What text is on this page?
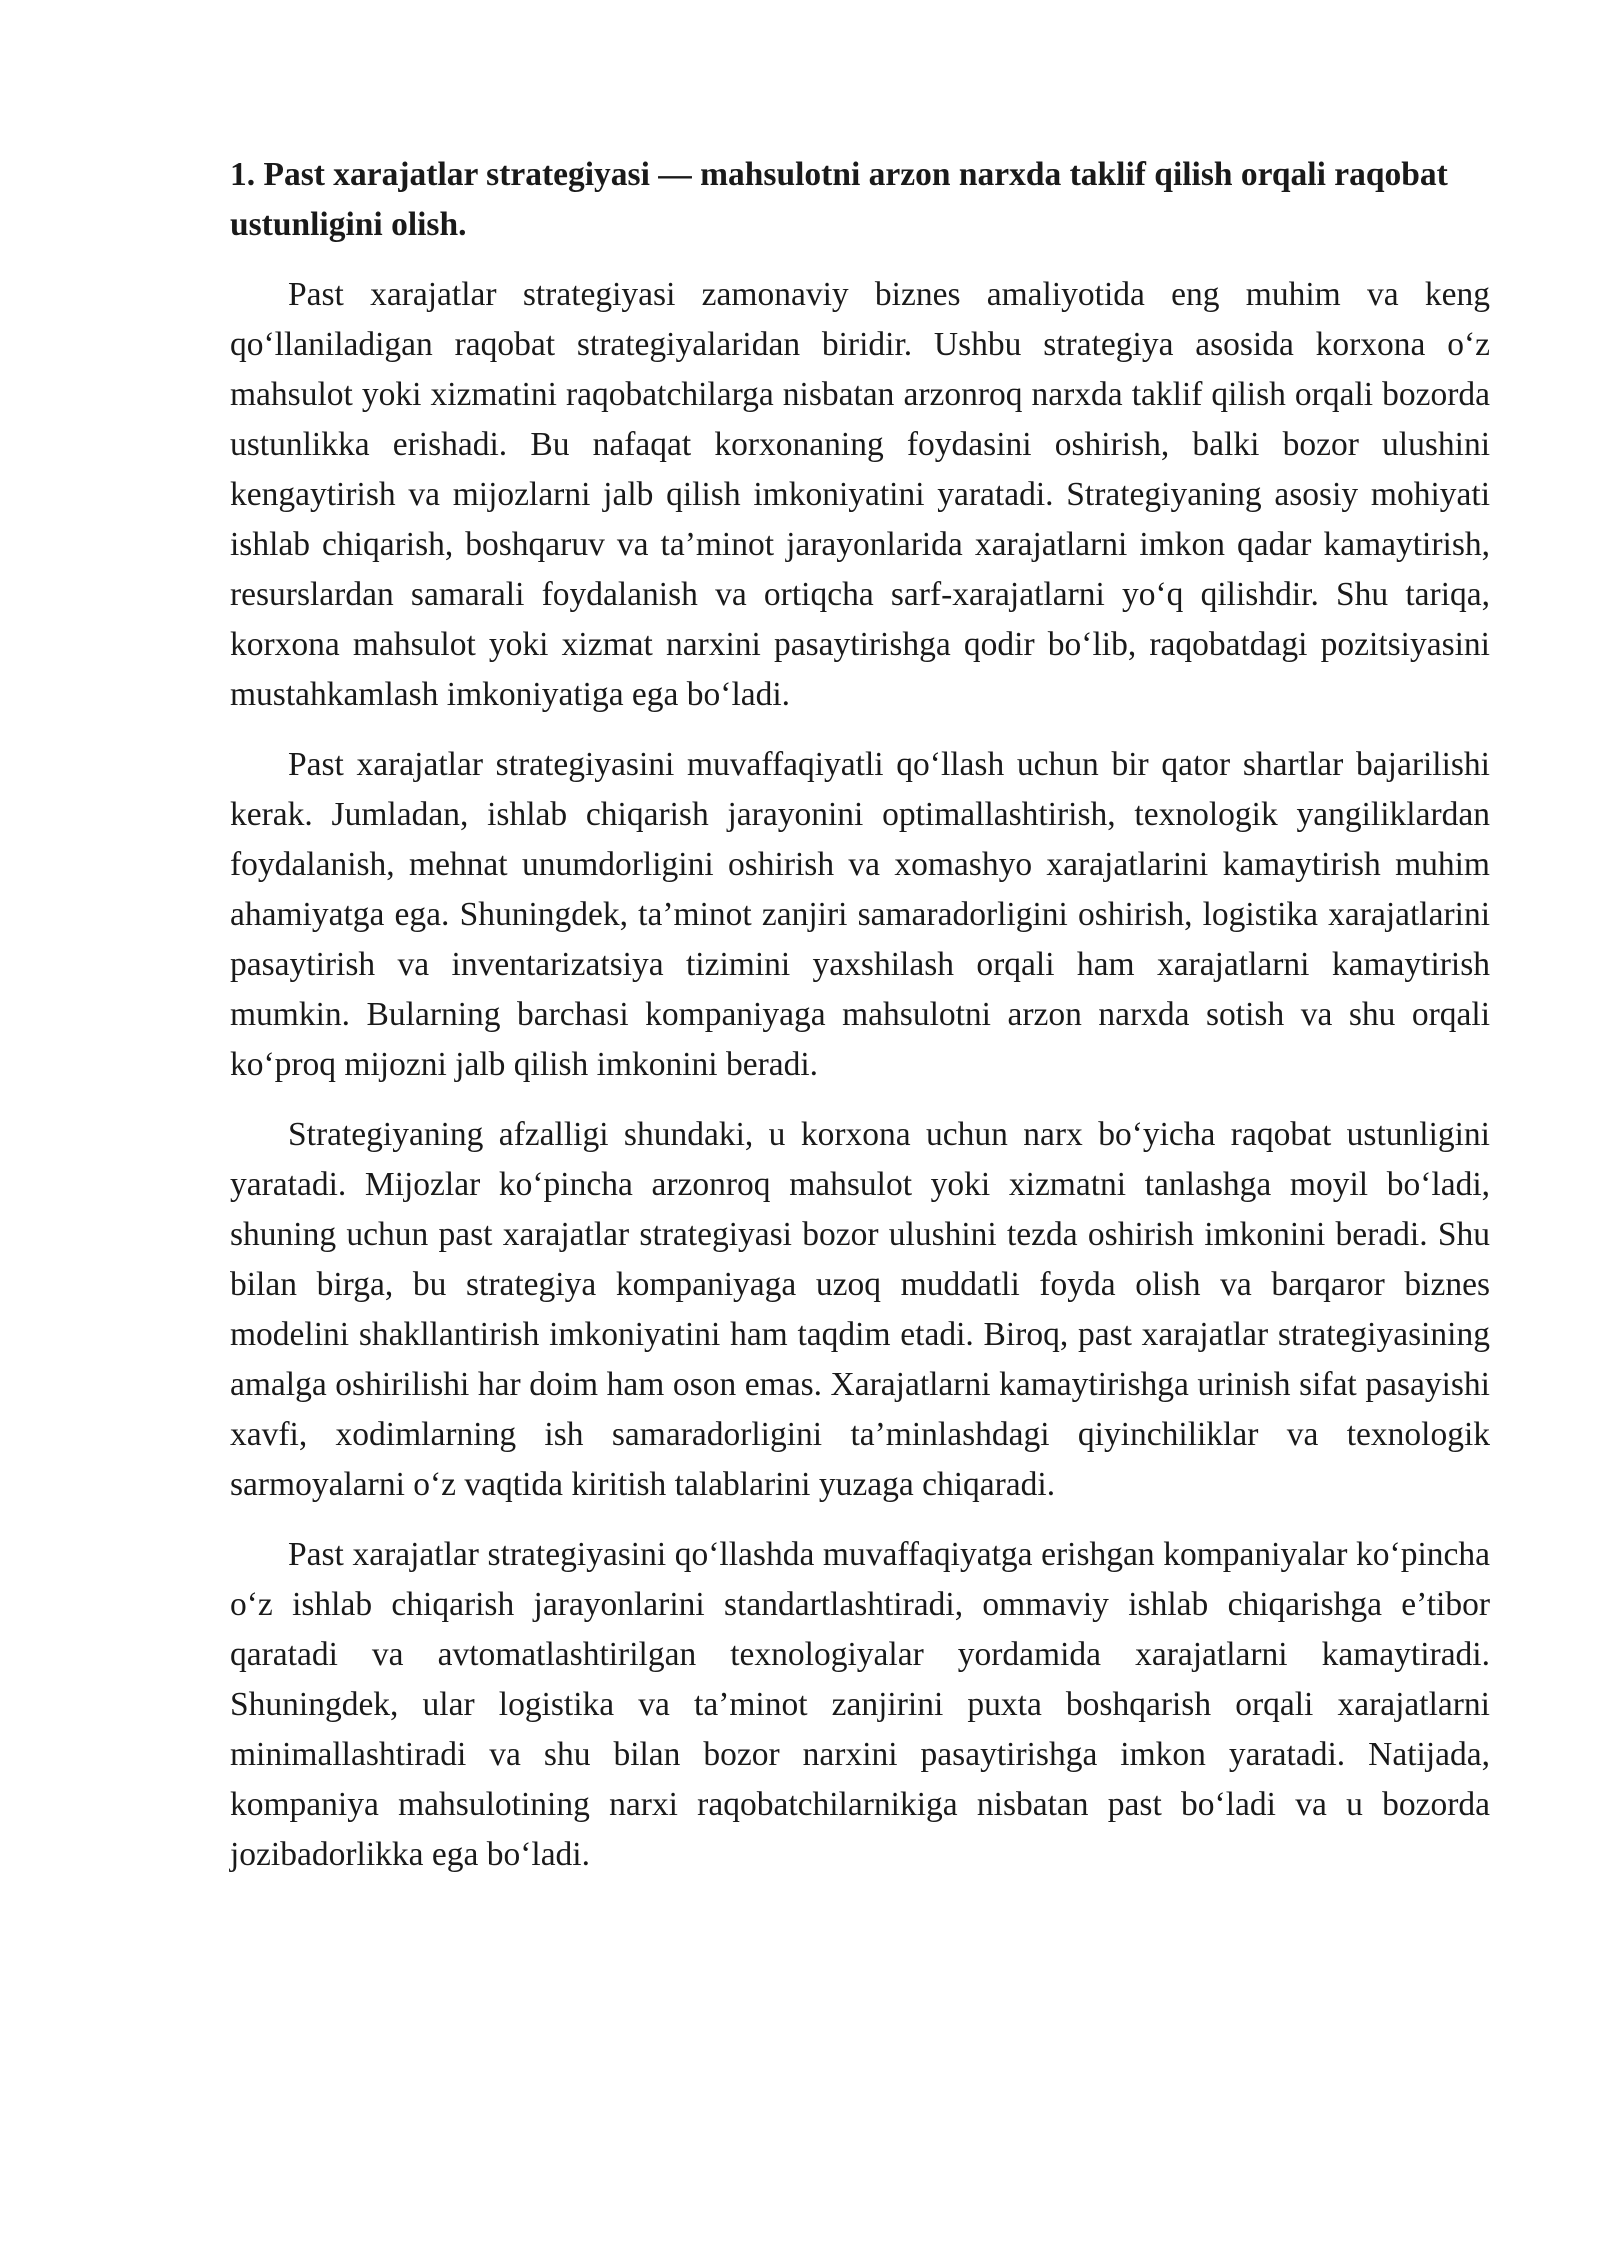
1. Past xarajatlar strategiyasi — mahsulotni arzon narxda taklif qilish orqali raqobat ustunligini olish.

Past xarajatlar strategiyasi zamonaviy biznes amaliyotida eng muhim va keng qo‘llaniladigan raqobat strategiyalaridan biridir. Ushbu strategiya asosida korxona o‘z mahsulot yoki xizmatini raqobatchilarga nisbatan arzonroq narxda taklif qilish orqali bozorda ustunlikka erishadi. Bu nafaqat korxonaning foydasini oshirish, balki bozor ulushini kengaytirish va mijozlarni jalb qilish imkoniyatini yaratadi. Strategiyaning asosiy mohiyati ishlab chiqarish, boshqaruv va ta’minot jarayonlarida xarajatlarni imkon qadar kamaytirish, resurslardan samarali foydalanish va ortiqcha sarf-xarajatlarni yo‘q qilishdir. Shu tariqa, korxona mahsulot yoki xizmat narxini pasaytirishga qodir bo‘lib, raqobatdagi pozitsiyasini mustahkamlash imkoniyatiga ega bo‘ladi.

Past xarajatlar strategiyasini muvaffaqiyatli qo‘llash uchun bir qator shartlar bajarilishi kerak. Jumladan, ishlab chiqarish jarayonini optimallashtirish, texnologik yangiliklardan foydalanish, mehnat unumdorligini oshirish va xomashyo xarajatlarini kamaytirish muhim ahamiyatga ega. Shuningdek, ta’minot zanjiri samaradorligini oshirish, logistika xarajatlarini pasaytirish va inventarizatsiya tizimini yaxshilash orqali ham xarajatlarni kamaytirish mumkin. Bularning barchasi kompaniyaga mahsulotni arzon narxda sotish va shu orqali ko‘proq mijozni jalb qilish imkonini beradi.

Strategiyaning afzalligi shundaki, u korxona uchun narx bo‘yicha raqobat ustunligini yaratadi. Mijozlar ko‘pincha arzonroq mahsulot yoki xizmatni tanlashga moyil bo‘ladi, shuning uchun past xarajatlar strategiyasi bozor ulushini tezda oshirish imkonini beradi. Shu bilan birga, bu strategiya kompaniyaga uzoq muddatli foyda olish va barqaror biznes modelini shakllantirish imkoniyatini ham taqdim etadi. Biroq, past xarajatlar strategiyasining amalga oshirilishi har doim ham oson emas. Xarajatlarni kamaytirishga urinish sifat pasayishi xavfi, xodimlarning ish samaradorligini ta’minlashdagi qiyinchiliklar va texnologik sarmoyalarni o‘z vaqtida kiritish talablarini yuzaga chiqaradi.

Past xarajatlar strategiyasini qo‘llashda muvaffaqiyatga erishgan kompaniyalar ko‘pincha o‘z ishlab chiqarish jarayonlarini standartlashtiradi, ommaviy ishlab chiqarishga e’tibor qaratadi va avtomatlashtirilgan texnologiyalar yordamida xarajatlarni kamaytiradi. Shuningdek, ular logistika va ta’minot zanjirini puxta boshqarish orqali xarajatlarni minimallashtiradi va shu bilan bozor narxini pasaytirishga imkon yaratadi. Natijada, kompaniya mahsulotining narxi raqobatchilarnikiga nisbatan past bo‘ladi va u bozorda jozibadorlikka ega bo‘ladi.
